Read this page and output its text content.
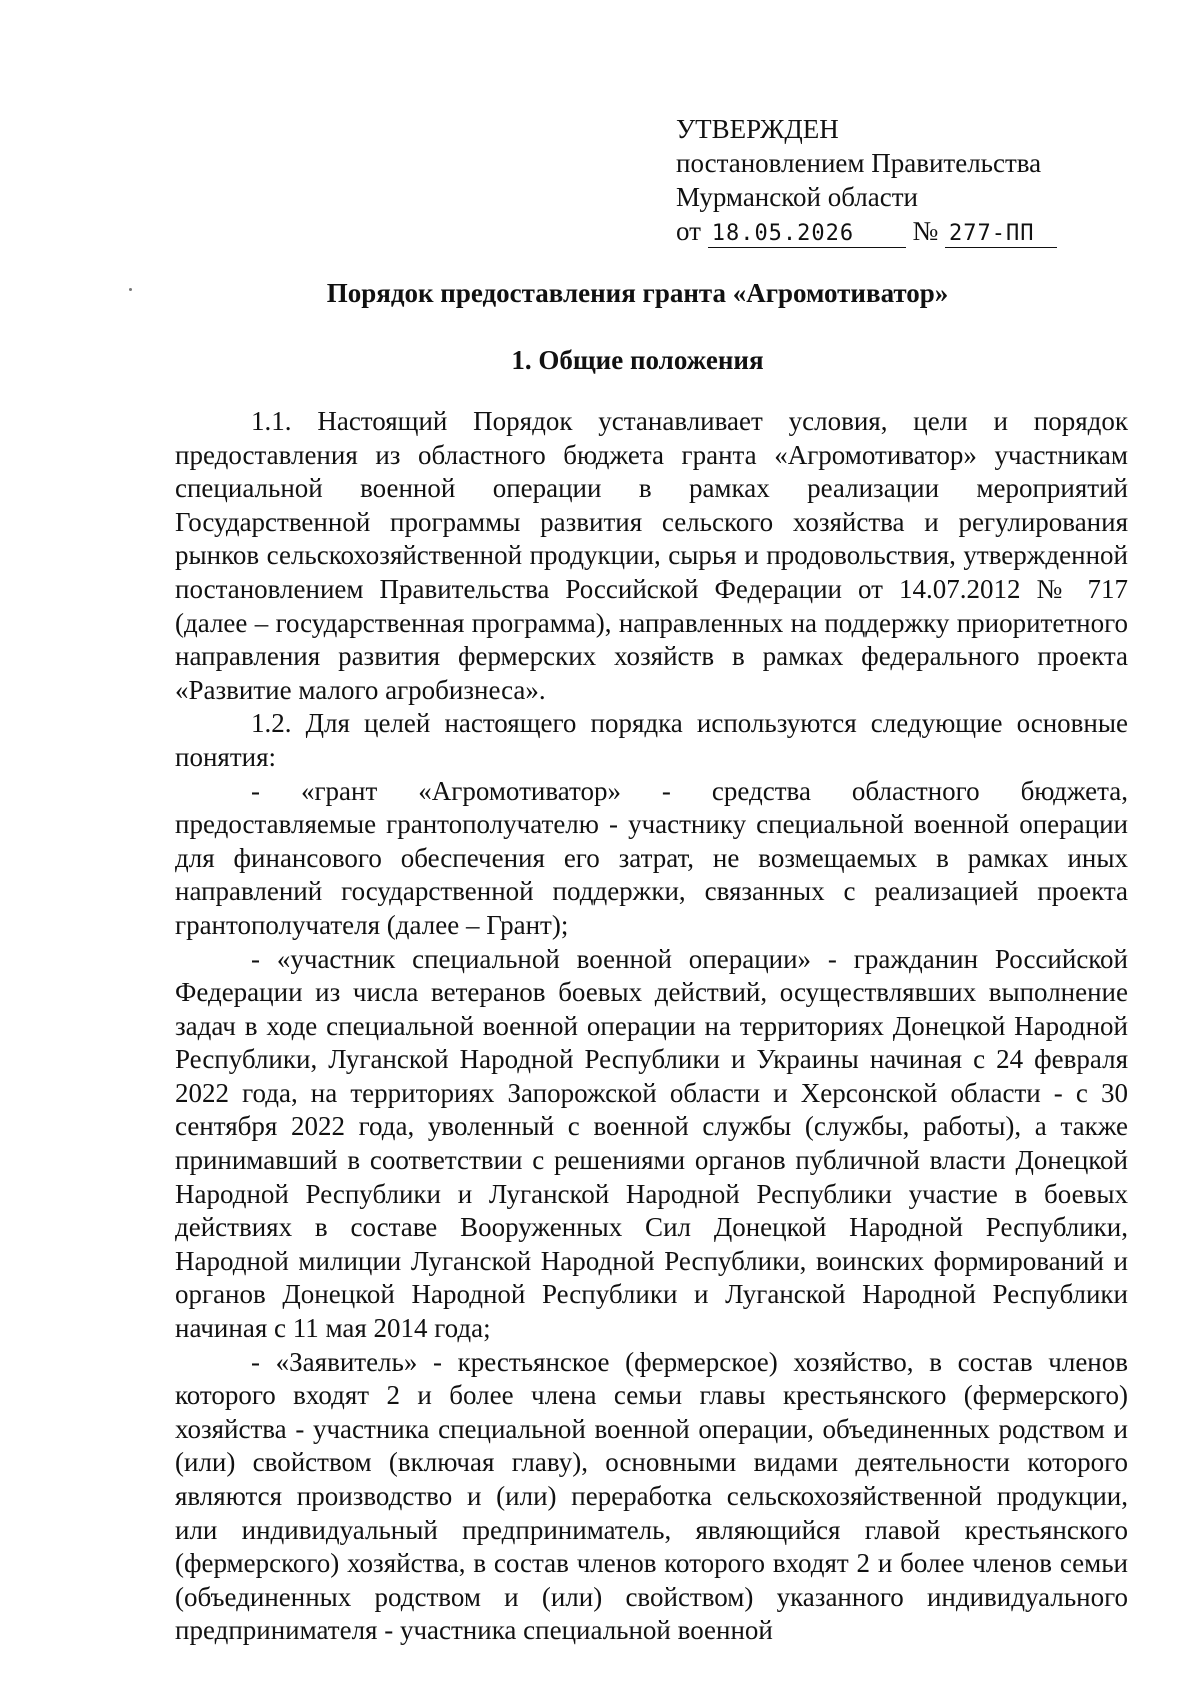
УТВЕРЖДЕН
постановлением Правительства
Мурманской области
от 18.05.2026 № 277-ПП
Порядок предоставления гранта «Агромотиватор»
1. Общие положения

1.1. Настоящий Порядок устанавливает условия, цели и порядок предоставления из областного бюджета гранта «Агромотиватор» участникам специальной военной операции в рамках реализации мероприятий Государственной программы развития сельского хозяйства и регулирования рынков сельскохозяйственной продукции, сырья и продовольствия, утвержденной постановлением Правительства Российской Федерации от 14.07.2012 № 717 (далее – государственная программа), направленных на поддержку приоритетного направления развития фермерских хозяйств в рамках федерального проекта «Развитие малого агробизнеса».

1.2. Для целей настоящего порядка используются следующие основные понятия:

- «грант «Агромотиватор» - средства областного бюджета, предоставляемые грантополучателю - участнику специальной военной операции для финансового обеспечения его затрат, не возмещаемых в рамках иных направлений государственной поддержки, связанных с реализацией проекта грантополучателя (далее – Грант);

- «участник специальной военной операции» - гражданин Российской Федерации из числа ветеранов боевых действий, осуществлявших выполнение задач в ходе специальной военной операции на территориях Донецкой Народной Республики, Луганской Народной Республики и Украины начиная с 24 февраля 2022 года, на территориях Запорожской области и Херсонской области - с 30 сентября 2022 года, уволенный с военной службы (службы, работы), а также принимавший в соответствии с решениями органов публичной власти Донецкой Народной Республики и Луганской Народной Республики участие в боевых действиях в составе Вооруженных Сил Донецкой Народной Республики, Народной милиции Луганской Народной Республики, воинских формирований и органов Донецкой Народной Республики и Луганской Народной Республики начиная с 11 мая 2014 года;

- «Заявитель» - крестьянское (фермерское) хозяйство, в состав членов которого входят 2 и более члена семьи главы крестьянского (фермерского) хозяйства - участника специальной военной операции, объединенных родством и (или) свойством (включая главу), основными видами деятельности которого являются производство и (или) переработка сельскохозяйственной продукции, или индивидуальный предприниматель, являющийся главой крестьянского (фермерского) хозяйства, в состав членов которого входят 2 и более членов семьи (объединенных родством и (или) свойством) указанного индивидуального предпринимателя - участника специальной военной
